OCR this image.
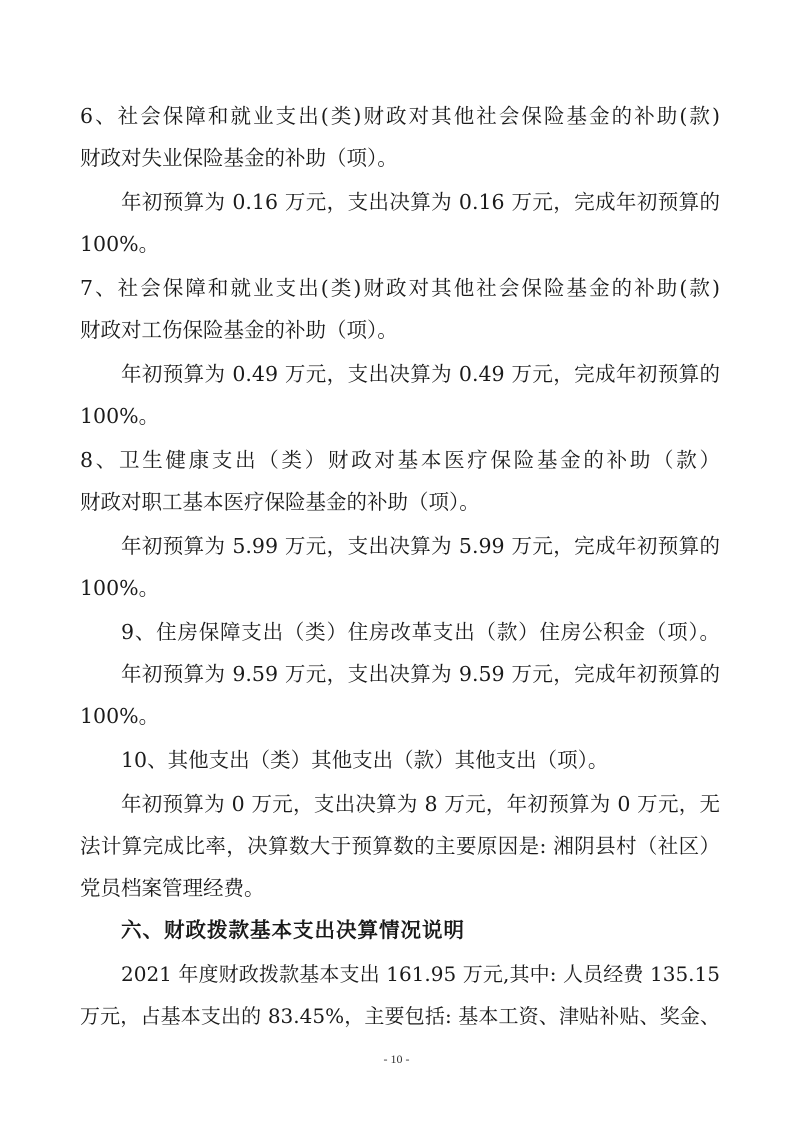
6、社会保障和就业支出(类)财政对其他社会保险基金的补助(款)
财政对失业保险基金的补助（项）。
年初预算为 0.16 万元，支出决算为 0.16 万元，完成年初预算的
100%。
7、社会保障和就业支出(类)财政对其他社会保险基金的补助(款)
财政对工伤保险基金的补助（项）。
年初预算为 0.49 万元，支出决算为 0.49 万元，完成年初预算的
100%。
8、卫生健康支出（类）财政对基本医疗保险基金的补助（款）
财政对职工基本医疗保险基金的补助（项）。
年初预算为 5.99 万元，支出决算为 5.99 万元，完成年初预算的
100%。
9、住房保障支出（类）住房改革支出（款）住房公积金（项）。
年初预算为 9.59 万元，支出决算为 9.59 万元，完成年初预算的
100%。
10、其他支出（类）其他支出（款）其他支出（项）。
年初预算为 0 万元，支出决算为 8 万元，年初预算为 0 万元，无
法计算完成比率，决算数大于预算数的主要原因是: 湘阴县村（社区）
党员档案管理经费。
六、财政拨款基本支出决算情况说明
2021 年度财政拨款基本支出 161.95 万元,其中: 人员经费 135.15
万元，占基本支出的 83.45%，主要包括: 基本工资、津贴补贴、奖金、
- 10 -
